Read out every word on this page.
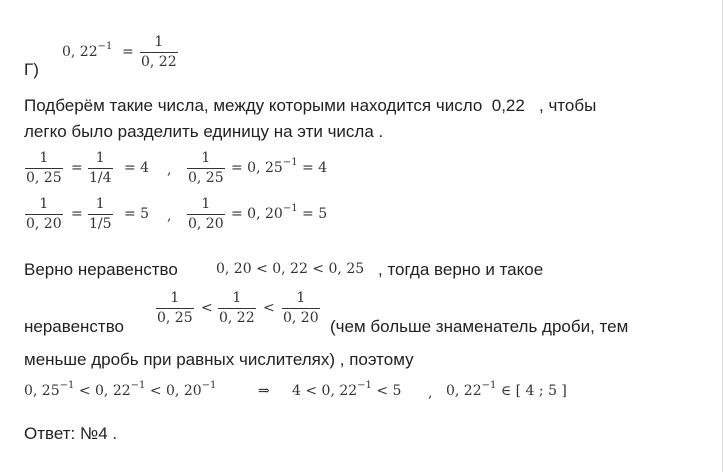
Г)
0, $22^{-1}$ =
1
0, 22
Подберём такие числа, между которыми находится число 0,22 , чтобы
легко было разделить единицу на эти числа .
1
0, 25
=
1
1/4
= 4 ,
1
0, 25
= 0, $25^{-1} = 4$
1
0, 20
=
1
1/5
= 5 ,
1
0, 20
= 0, $20^{-1} = 5$
Верно неравенство	0, 20 < 0, 22 < 0, 25 , тогда верно и такое
неравенство
1
0, 25
<
1
0, 22
<
1
0, 20 (чем больше знаменатель дроби, тем
меньше дробь при равных числителях) , поэтому
0, $25^{-1} < 0$, $22^{-1} < 0$, $20^{-1}$	⇒ 4 < 0, $22^{-1} < 5$ , 0, $22^{-1}$ ∈ [ 4 ; 5 ]
Ответ: №4 .
